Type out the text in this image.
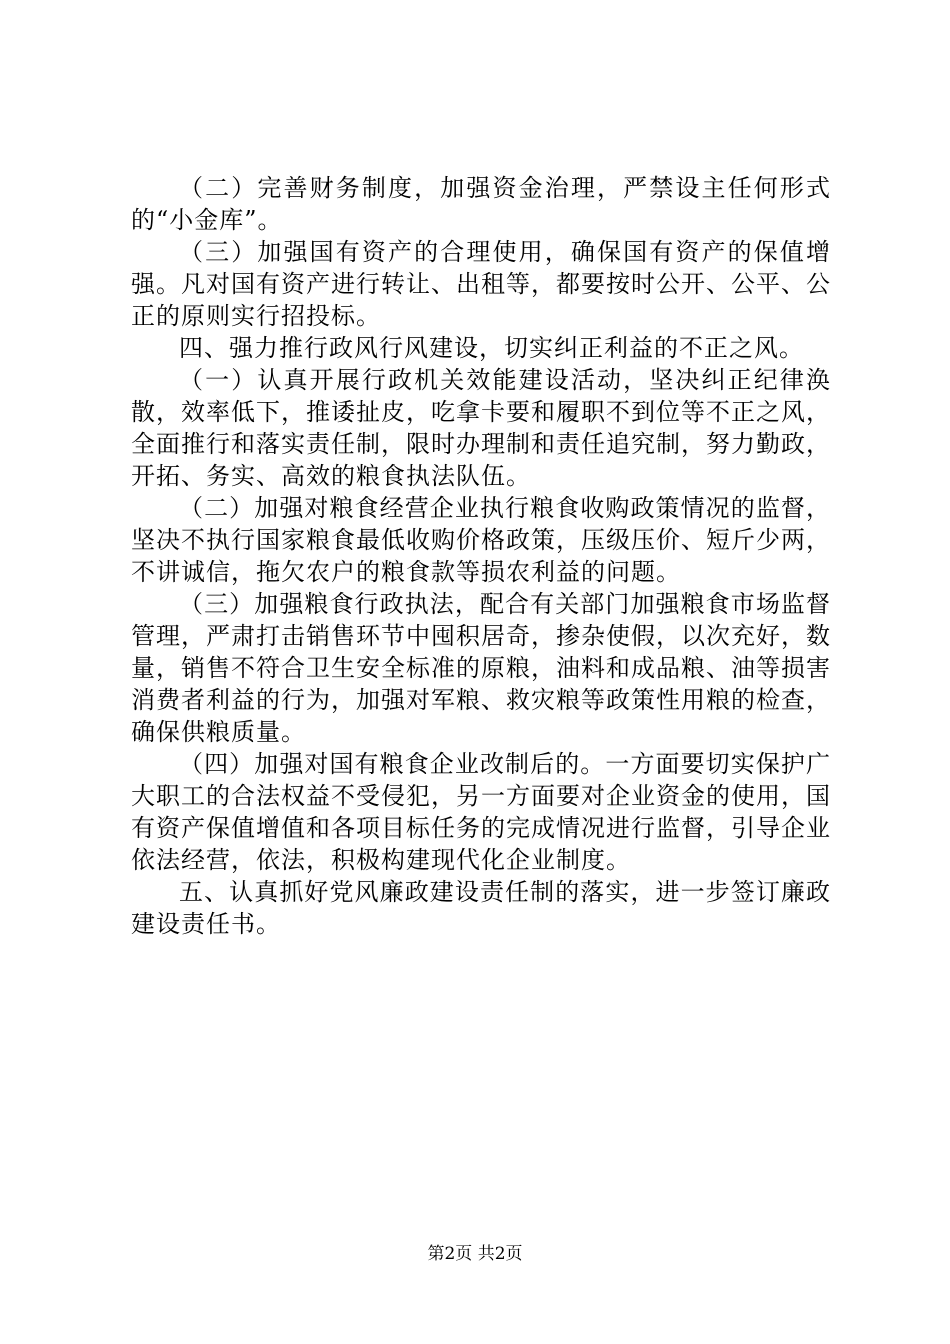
（二）完善财务制度，加强资金治理，严禁设主任何形式的“小金库”。

（三）加强国有资产的合理使用，确保国有资产的保值增强。凡对国有资产进行转让、出租等，都要按时公开、公平、公正的原则实行招投标。

四、强力推行政风行风建设，切实纠正利益的不正之风。

（一）认真开展行政机关效能建设活动，坚决纠正纪律涣散，效率低下，推诿扯皮，吃拿卡要和履职不到位等不正之风，全面推行和落实责任制，限时办理制和责任追究制，努力勤政，开拓、务实、高效的粮食执法队伍。

（二）加强对粮食经营企业执行粮食收购政策情况的监督，坚决不执行国家粮食最低收购价格政策，压级压价、短斤少两，不讲诚信，拖欠农户的粮食款等损农利益的问题。

（三）加强粮食行政执法，配合有关部门加强粮食市场监督管理，严肃打击销售环节中囤积居奇，掺杂使假，以次充好，数量，销售不符合卫生安全标准的原粮，油料和成品粮、油等损害消费者利益的行为，加强对军粮、救灾粮等政策性用粮的检查，确保供粮质量。

（四）加强对国有粮食企业改制后的。一方面要切实保护广大职工的合法权益不受侵犯，另一方面要对企业资金的使用，国有资产保值增值和各项目标任务的完成情况进行监督，引导企业依法经营，依法，积极构建现代化企业制度。

五、认真抓好党风廉政建设责任制的落实，进一步签订廉政建设责任书。

第2页 共2页
